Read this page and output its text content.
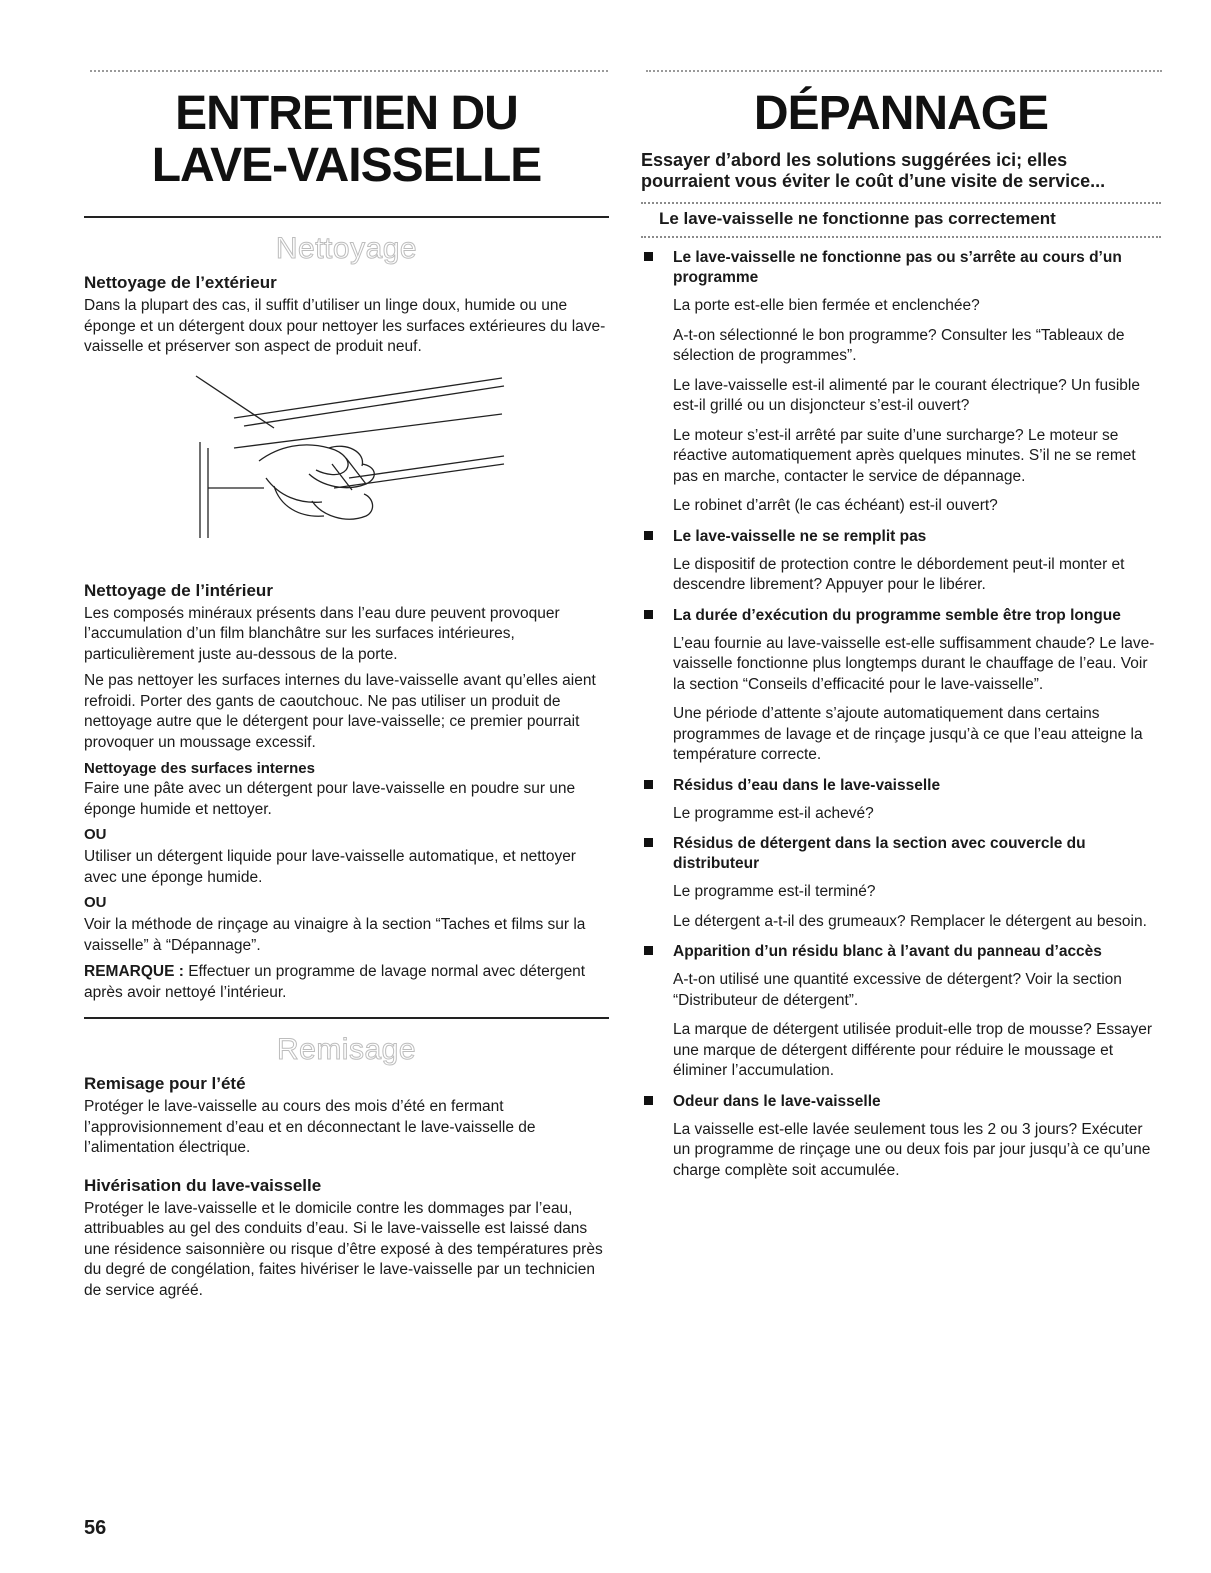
ENTRETIEN DU
LAVE-VAISSELLE
Nettoyage
Nettoyage de l’extérieur

Dans la plupart des cas, il suffit d’utiliser un linge doux, humide ou une éponge et un détergent doux pour nettoyer les surfaces extérieures du lave-vaisselle et préserver son aspect de produit neuf.

Nettoyage de l’intérieur

Les composés minéraux présents dans l’eau dure peuvent provoquer l’accumulation d’un film blanchâtre sur les surfaces intérieures, particulièrement juste au-dessous de la porte.

Ne pas nettoyer les surfaces internes du lave-vaisselle avant qu’elles aient refroidi. Porter des gants de caoutchouc. Ne pas utiliser un produit de nettoyage autre que le détergent pour lave-vaisselle; ce premier pourrait provoquer un moussage excessif.

Nettoyage des surfaces internes

Faire une pâte avec un détergent pour lave-vaisselle en poudre sur une éponge humide et nettoyer.

OU

Utiliser un détergent liquide pour lave-vaisselle automatique, et nettoyer avec une éponge humide.

OU

Voir la méthode de rinçage au vinaigre à la section “Taches et films sur la vaisselle” à “Dépannage”.

REMARQUE : Effectuer un programme de lavage normal avec détergent après avoir nettoyé l’intérieur.

Remisage
Remisage pour l’été

Protéger le lave-vaisselle au cours des mois d’été en fermant l’approvisionnement d’eau et en déconnectant le lave-vaisselle de l’alimentation électrique.

Hivérisation du lave-vaisselle

Protéger le lave-vaisselle et le domicile contre les dommages par l’eau, attribuables au gel des conduits d’eau. Si le lave-vaisselle est laissé dans une résidence saisonnière ou risque d’être exposé à des températures près du degré de congélation, faites hivériser le lave-vaisselle par un technicien de service agréé.

DÉPANNAGE
Essayer d’abord les solutions suggérées ici; elles pourraient vous éviter le coût d’une visite de service...
Le lave-vaisselle ne fonctionne pas correctement
Le lave-vaisselle ne fonctionne pas ou s’arrête au cours d’un programme

La porte est-elle bien fermée et enclenchée?

A-t-on sélectionné le bon programme? Consulter les “Tableaux de sélection de programmes”.

Le lave-vaisselle est-il alimenté par le courant électrique? Un fusible est-il grillé ou un disjoncteur s’est-il ouvert?

Le moteur s’est-il arrêté par suite d’une surcharge? Le moteur se réactive automatiquement après quelques minutes. S’il ne se remet pas en marche, contacter le service de dépannage.

Le robinet d’arrêt (le cas échéant) est-il ouvert?

Le lave-vaisselle ne se remplit pas

Le dispositif de protection contre le débordement peut-il monter et descendre librement? Appuyer pour le libérer.

La durée d’exécution du programme semble être trop longue

L’eau fournie au lave-vaisselle est-elle suffisamment chaude? Le lave-vaisselle fonctionne plus longtemps durant le chauffage de l’eau. Voir la section “Conseils d’efficacité pour le lave-vaisselle”.

Une période d’attente s’ajoute automatiquement dans certains programmes de lavage et de rinçage jusqu’à ce que l’eau atteigne la température correcte.

Résidus d’eau dans le lave-vaisselle

Le programme est-il achevé?

Résidus de détergent dans la section avec couvercle du distributeur

Le programme est-il terminé?

Le détergent a-t-il des grumeaux? Remplacer le détergent au besoin.

Apparition d’un résidu blanc à l’avant du panneau d’accès

A-t-on utilisé une quantité excessive de détergent? Voir la section “Distributeur de détergent”.

La marque de détergent utilisée produit-elle trop de mousse? Essayer une marque de détergent différente pour réduire le moussage et éliminer l’accumulation.

Odeur dans le lave-vaisselle

La vaisselle est-elle lavée seulement tous les 2 ou 3 jours? Exécuter un programme de rinçage une ou deux fois par jour jusqu’à ce qu’une charge complète soit accumulée.

56
